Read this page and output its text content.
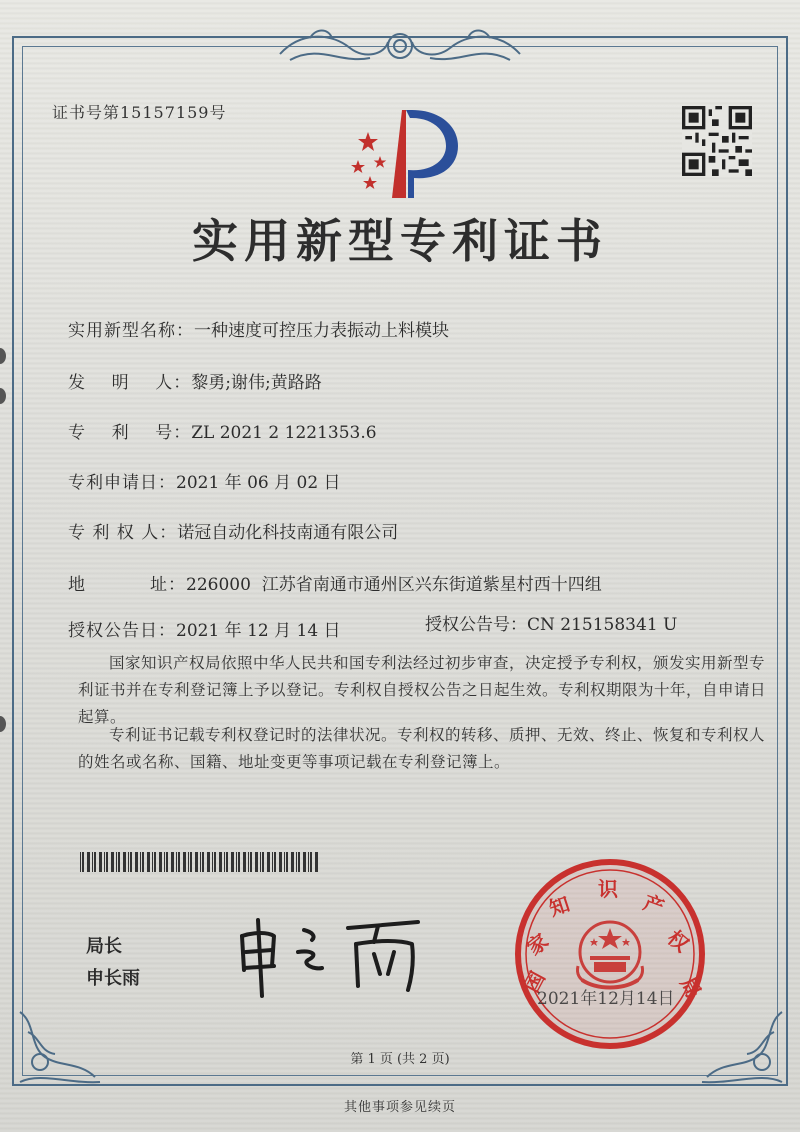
证书号第15157159号
实用新型专利证书
实用新型名称：一种速度可控压力表振动上料模块
发    明    人：黎勇;谢伟;黄路路
专    利    号：ZL 2021 2 1221353.6
专利申请日：2021 年 06 月 02 日
专 利 权 人：诺冠自动化科技南通有限公司
地          址：226000  江苏省南通市通州区兴东街道紫星村西十四组
授权公告日：2021 年 12 月 14 日	授权公告号：CN 215158341 U
国家知识产权局依照中华人民共和国专利法经过初步审查，决定授予专利权，颁发实用新型专利证书并在专利登记簿上予以登记。专利权自授权公告之日起生效。专利权期限为十年，自申请日起算。
专利证书记载专利权登记时的法律状况。专利权的转移、质押、无效、终止、恢复和专利权人的姓名或名称、国籍、地址变更等事项记载在专利登记簿上。
局长
申长雨	国
家
知
识
产
权
局
2021年12月14日
第 1 页 (共 2 页)
其他事项参见续页
